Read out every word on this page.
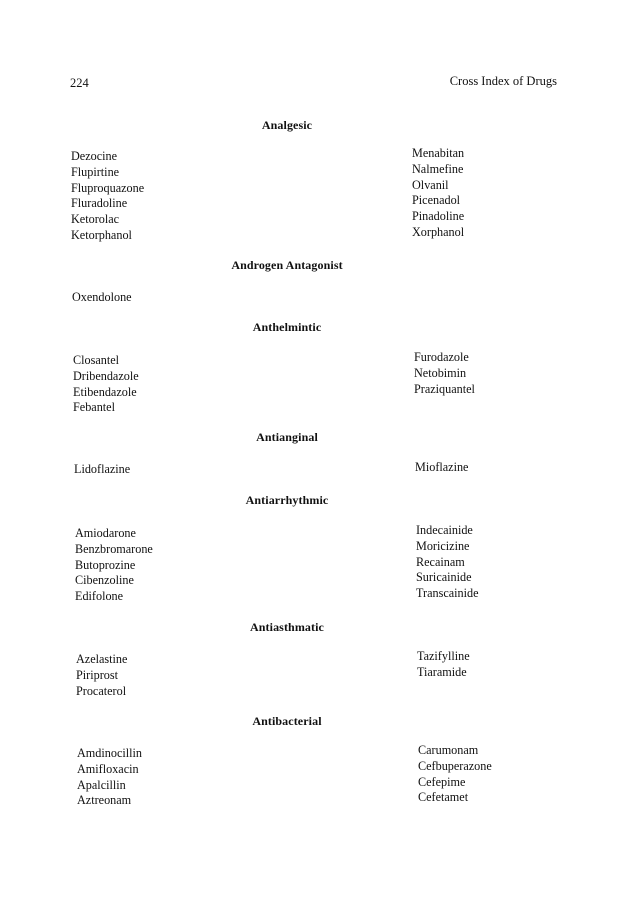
224	Cross Index of Drugs
Analgesic
Dezocine
Flupirtine
Fluproquazone
Fluradoline
Ketorolac
Ketorphanol
Menabitan
Nalmefine
Olvanil
Picenadol
Pinadoline
Xorphanol
Androgen Antagonist
Oxendolone
Anthelmintic
Closantel
Dribendazole
Etibendazole
Febantel
Furodazole
Netobimin
Praziquantel
Antianginal
Lidoflazine	Mioflazine
Antiarrhythmic
Amiodarone
Benzbromarone
Butoprozine
Cibenzoline
Edifolone
Indecainide
Moricizine
Recainam
Suricainide
Transcainide
Antiasthmatic
Azelastine
Piriprost
Procaterol
Tazifylline
Tiaramide
Antibacterial
Amdinocillin
Amifloxacin
Apalcillin
Aztreonam
Carumonam
Cefbuperazone
Cefepime
Cefetamet
